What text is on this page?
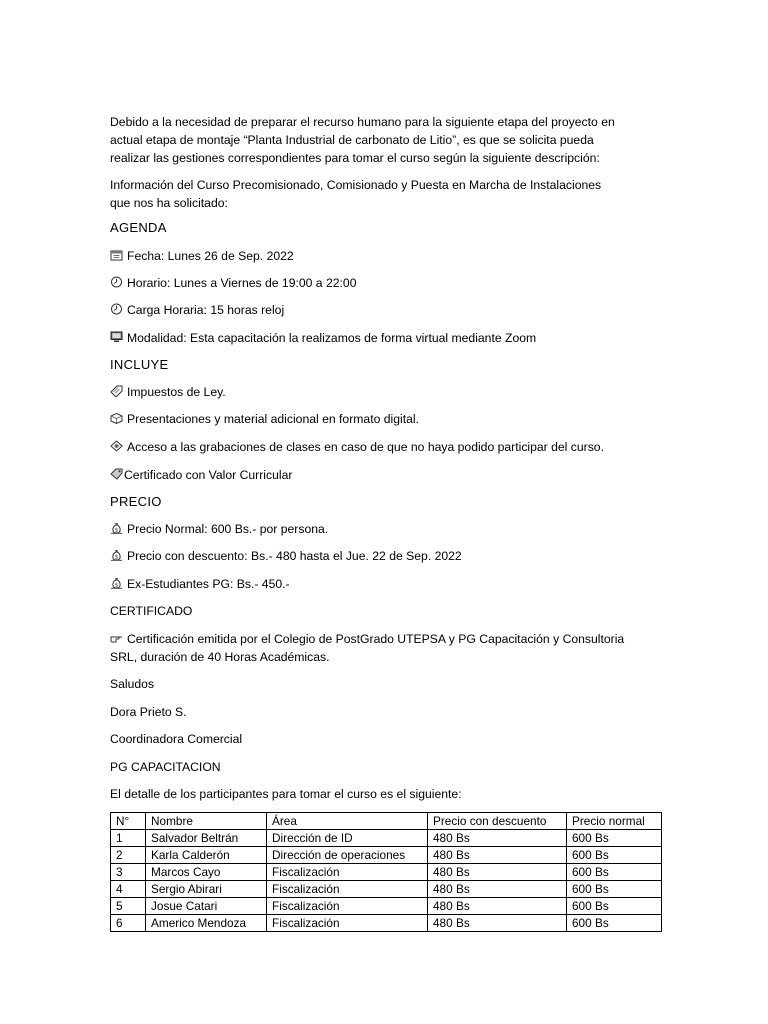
Debido a la necesidad de preparar el recurso humano para la siguiente etapa del proyecto en
actual etapa de montaje “Planta Industrial de carbonato de Litio”, es que se solicita pueda
realizar las gestiones correspondientes para tomar el curso según la siguiente descripción:
Información del Curso Precomisionado, Comisionado y Puesta en Marcha de Instalaciones
que nos ha solicitado:
AGENDA
Fecha: Lunes 26 de Sep. 2022
Horario: Lunes a Viernes de 19:00 a 22:00
Carga Horaria: 15 horas reloj
Modalidad: Esta capacitación la realizamos de forma virtual mediante Zoom
INCLUYE
Impuestos de Ley.
Presentaciones y material adicional en formato digital.
Acceso a las grabaciones de clases en caso de que no haya podido participar del curso.
Certificado con Valor Curricular
PRECIO
$ Precio Normal: 600 Bs.- por persona.
$ Precio con descuento: Bs.- 480 hasta el Jue. 22 de Sep. 2022
$ Ex-Estudiantes PG: Bs.- 450.-
CERTIFICADO
Certificación emitida por el Colegio de PostGrado UTEPSA y PG Capacitación y Consultoria
SRL, duración de 40 Horas Académicas.
Saludos
Dora Prieto S.
Coordinadora Comercial
PG CAPACITACION
El detalle de los participantes para tomar el curso es el siguiente:
N°	Nombre	Área	Precio con descuento	Precio normal
1	Salvador Beltrán	Dirección de ID	480 Bs	600 Bs
2	Karla Calderón	Dirección de operaciones	480 Bs	600 Bs
3	Marcos Cayo	Fiscalización	480 Bs	600 Bs
4	Sergio Abirari	Fiscalización	480 Bs	600 Bs
5	Josue Catari	Fiscalización	480 Bs	600 Bs
6	Americo Mendoza	Fiscalización	480 Bs	600 Bs
